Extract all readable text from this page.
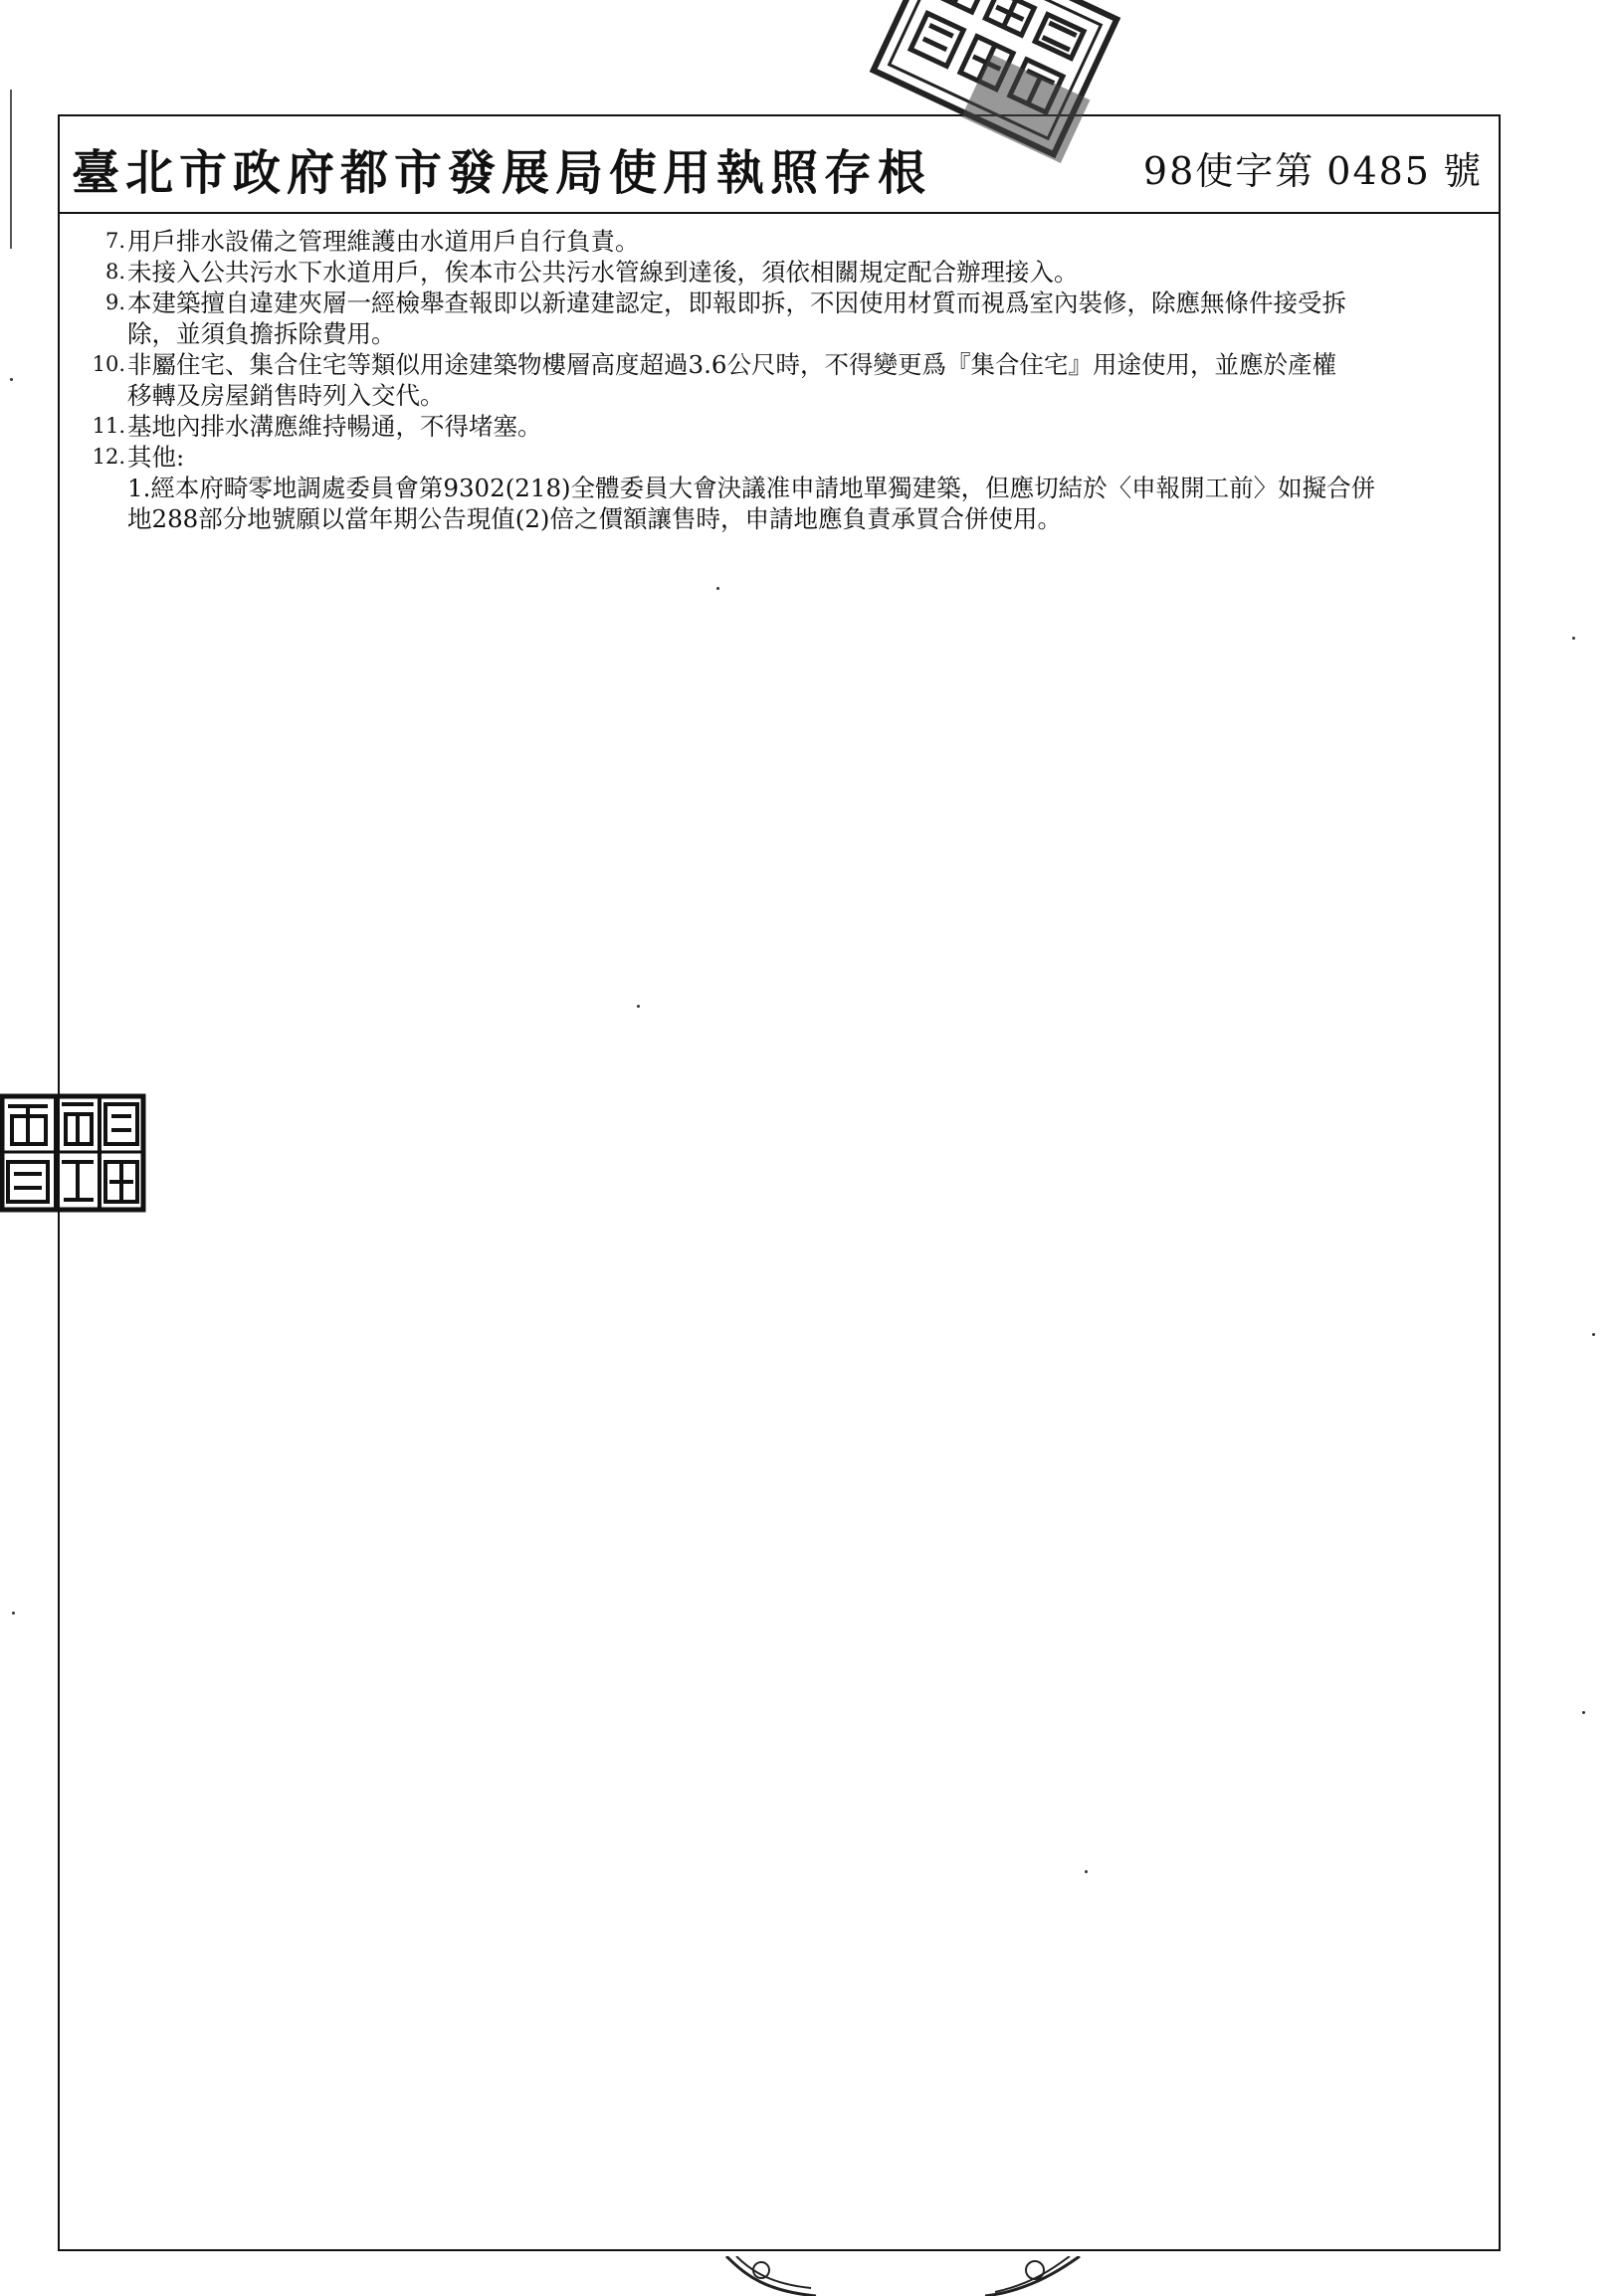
臺北市政府都市發展局使用執照存根	98使字第 0485 號
7. 用戶排水設備之管理維護由水道用戶自行負責。
8. 未接入公共污水下水道用戶，俟本市公共污水管線到達後，須依相關規定配合辦理接入。
9. 本建築擅自違建夾層一經檢舉查報即以新違建認定，即報即拆，不因使用材質而視爲室內裝修，除應無條件接受拆
除，並須負擔拆除費用。
10. 非屬住宅、集合住宅等類似用途建築物樓層高度超過3.6公尺時，不得變更爲『集合住宅』用途使用，並應於產權
移轉及房屋銷售時列入交代。
11. 基地內排水溝應維持暢通，不得堵塞。
12. 其他:
1.經本府畸零地調處委員會第9302(218)全體委員大會決議准申請地單獨建築，但應切結於〈申報開工前〉如擬合併
地288部分地號願以當年期公告現值(2)倍之價額讓售時，申請地應負責承買合併使用。
